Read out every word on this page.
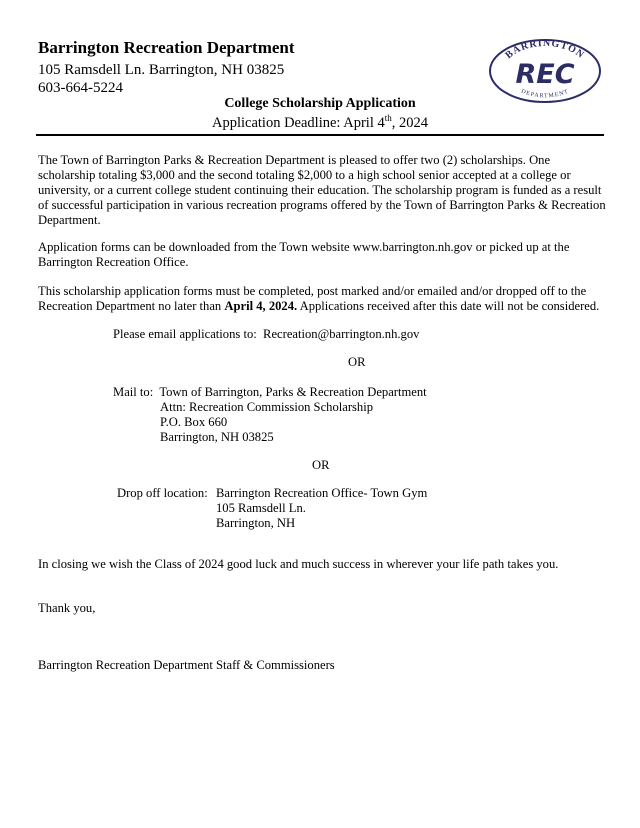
Barrington Recreation Department
105 Ramsdell Ln. Barrington, NH 03825
603-664-5224
BARRINGTON
REC
DEPARTMENT
College Scholarship Application
Application Deadline: April 4th, 2024
The Town of Barrington Parks & Recreation Department is pleased to offer two (2) scholarships. One scholarship totaling $3,000 and the second totaling $2,000 to a high school senior accepted at a college or university, or a current college student continuing their education. The scholarship program is funded as a result of successful participation in various recreation programs offered by the Town of Barrington Parks & Recreation Department.
Application forms can be downloaded from the Town website www.barrington.nh.gov or picked up at the Barrington Recreation Office.
This scholarship application forms must be completed, post marked and/or emailed and/or dropped off to the Recreation Department no later than April 4, 2024. Applications received after this date will not be considered.
Please email applications to: Recreation@barrington.nh.gov
OR
Mail to: Town of Barrington, Parks & Recreation Department
Attn: Recreation Commission Scholarship
P.O. Box 660
Barrington, NH 03825
OR
Drop off location: Barrington Recreation Office- Town Gym
105 Ramsdell Ln.
Barrington, NH
In closing we wish the Class of 2024 good luck and much success in wherever your life path takes you.
Thank you,
Barrington Recreation Department Staff & Commissioners
